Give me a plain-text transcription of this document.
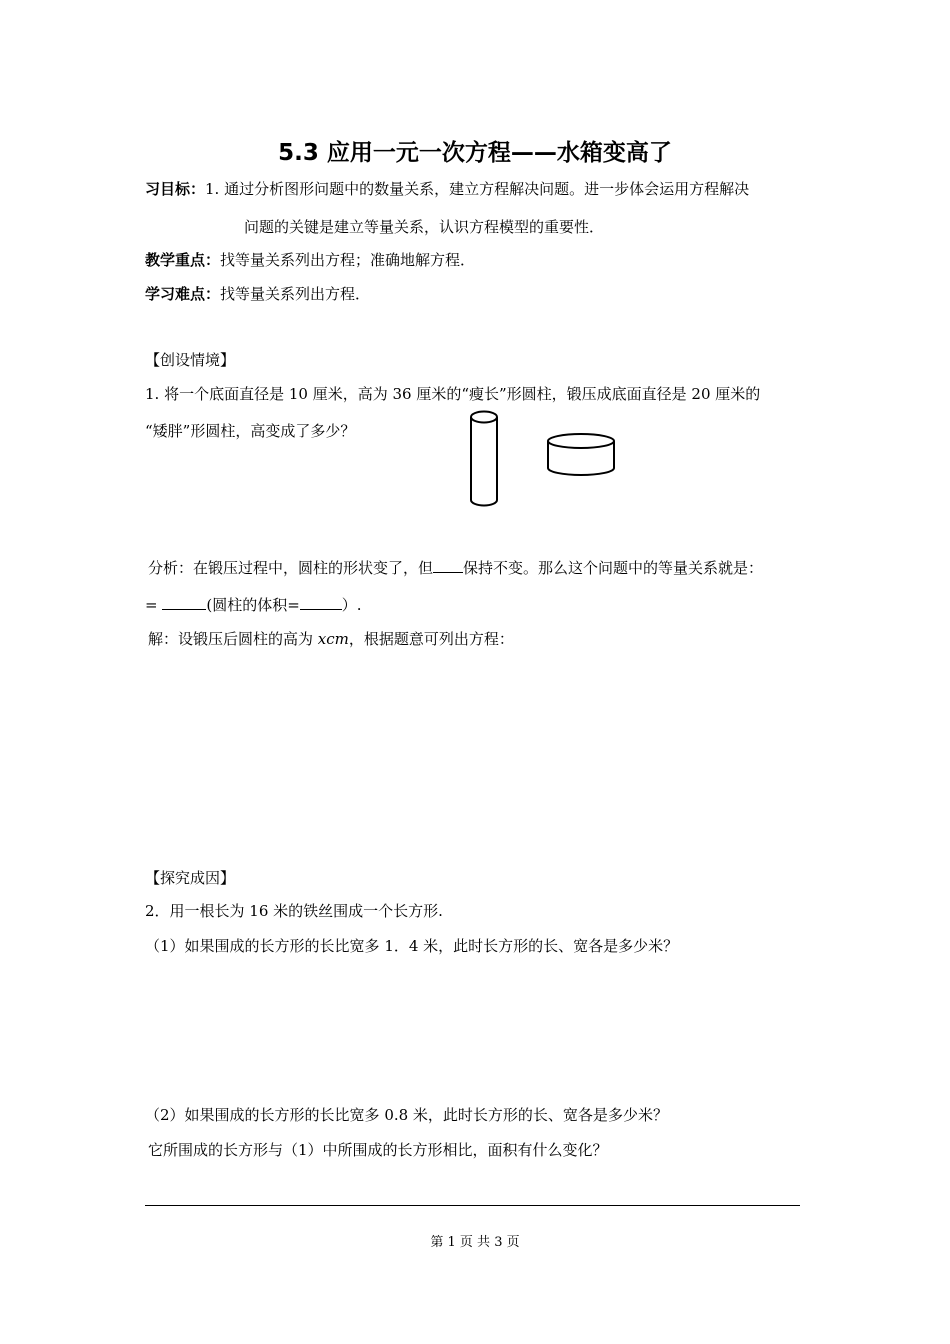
5.3 应用一元一次方程——水箱变高了
习目标：1. 通过分析图形问题中的数量关系，建立方程解决问题。进一步体会运用方程解决
问题的关键是建立等量关系，认识方程模型的重要性．
教学重点：找等量关系列出方程；准确地解方程．
学习难点：找等量关系列出方程．
【创设情境】
1. 将一个底面直径是 10 厘米，高为 36 厘米的“瘦长”形圆柱，锻压成底面直径是 20 厘米的
“矮胖”形圆柱，高变成了多少？
分析：在锻压过程中，圆柱的形状变了，但 保持不变。那么这个问题中的等量关系就是：
=	(圆柱的体积=	）.
解：设锻压后圆柱的高为 xcm，根据题意可列出方程：
【探究成因】
2．用一根长为 16 米的铁丝围成一个长方形.
（1）如果围成的长方形的长比宽多 1．4 米，此时长方形的长、宽各是多少米？
（2）如果围成的长方形的长比宽多 0.8 米，此时长方形的长、宽各是多少米？
它所围成的长方形与（1）中所围成的长方形相比，面积有什么变化？
第 1 页 共 3 页
